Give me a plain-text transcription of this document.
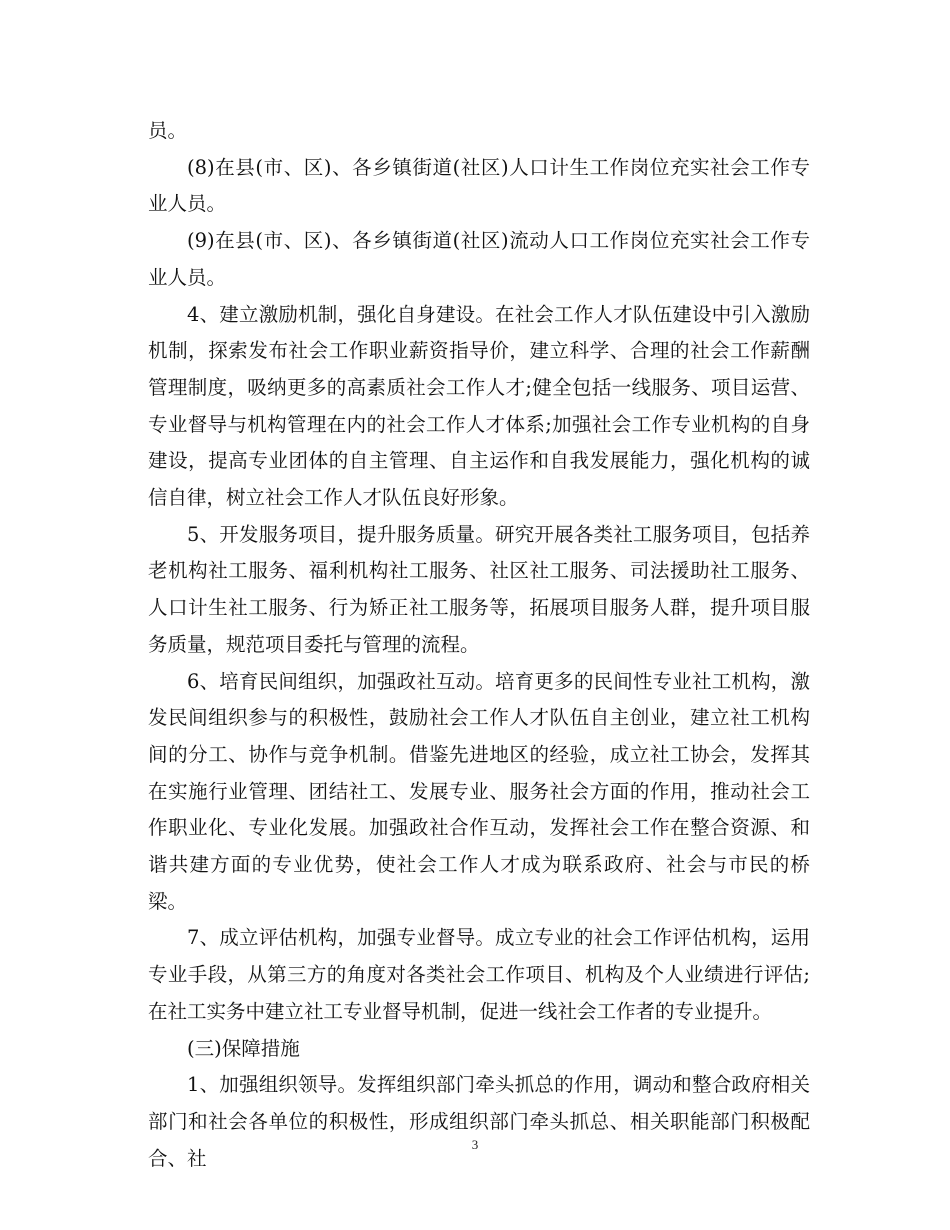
员。

(8)在县(市、区)、各乡镇街道(社区)人口计生工作岗位充实社会工作专业人员。

(9)在县(市、区)、各乡镇街道(社区)流动人口工作岗位充实社会工作专业人员。

4、建立激励机制，强化自身建设。在社会工作人才队伍建设中引入激励机制，探索发布社会工作职业薪资指导价，建立科学、合理的社会工作薪酬管理制度，吸纳更多的高素质社会工作人才;健全包括一线服务、项目运营、专业督导与机构管理在内的社会工作人才体系;加强社会工作专业机构的自身建设，提高专业团体的自主管理、自主运作和自我发展能力，强化机构的诚信自律，树立社会工作人才队伍良好形象。

5、开发服务项目，提升服务质量。研究开展各类社工服务项目，包括养老机构社工服务、福利机构社工服务、社区社工服务、司法援助社工服务、人口计生社工服务、行为矫正社工服务等，拓展项目服务人群，提升项目服务质量，规范项目委托与管理的流程。

6、培育民间组织，加强政社互动。培育更多的民间性专业社工机构，激发民间组织参与的积极性，鼓励社会工作人才队伍自主创业，建立社工机构间的分工、协作与竞争机制。借鉴先进地区的经验，成立社工协会，发挥其在实施行业管理、团结社工、发展专业、服务社会方面的作用，推动社会工作职业化、专业化发展。加强政社合作互动，发挥社会工作在整合资源、和谐共建方面的专业优势，使社会工作人才成为联系政府、社会与市民的桥梁。

7、成立评估机构，加强专业督导。成立专业的社会工作评估机构，运用专业手段，从第三方的角度对各类社会工作项目、机构及个人业绩进行评估;在社工实务中建立社工专业督导机制，促进一线社会工作者的专业提升。

(三)保障措施

1、加强组织领导。发挥组织部门牵头抓总的作用，调动和整合政府相关部门和社会各单位的积极性，形成组织部门牵头抓总、相关职能部门积极配合、社

3
